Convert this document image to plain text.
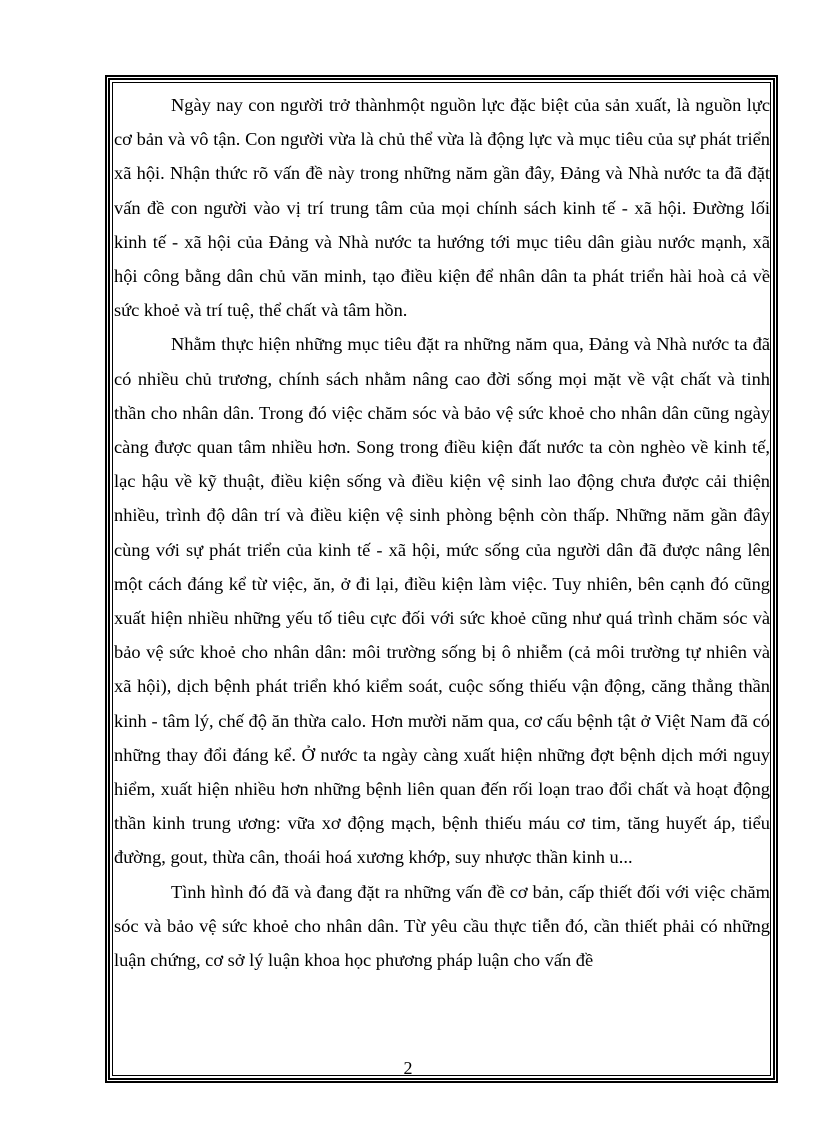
Ngày nay con người trở thànhmột nguồn lực đặc biệt của sản xuất, là nguồn lực cơ bản và vô tận. Con người vừa là chủ thể vừa là động lực và mục tiêu của sự phát triển xã hội. Nhận thức rõ vấn đề này trong những năm gần đây, Đảng và Nhà nước ta đã đặt vấn đề con người vào vị trí trung tâm của mọi chính sách kinh tế - xã hội. Đường lối kinh tế - xã hội của Đảng và Nhà nước ta hướng tới mục tiêu dân giàu nước mạnh, xã hội công bằng dân chủ văn minh, tạo điều kiện để nhân dân ta phát triển hài hoà cả về sức khoẻ và trí tuệ, thể chất và tâm hồn.

Nhằm thực hiện những mục tiêu đặt ra những năm qua, Đảng và Nhà nước ta đã có nhiều chủ trương, chính sách nhằm nâng cao đời sống mọi mặt về vật chất và tinh thần cho nhân dân. Trong đó việc chăm sóc và bảo vệ sức khoẻ cho nhân dân cũng ngày càng được quan tâm nhiều hơn. Song trong điều kiện đất nước ta còn nghèo về kinh tế, lạc hậu về kỹ thuật, điều kiện sống và điều kiện vệ sinh lao động chưa được cải thiện nhiều, trình độ dân trí và điều kiện vệ sinh phòng bệnh còn thấp. Những năm gần đây cùng với sự phát triển của kinh tế - xã hội, mức sống của người dân đã được nâng lên một cách đáng kể từ việc, ăn, ở đi lại, điều kiện làm việc. Tuy nhiên, bên cạnh đó cũng xuất hiện nhiều những yếu tố tiêu cực đối với sức khoẻ cũng như quá trình chăm sóc và bảo vệ sức khoẻ cho nhân dân: môi trường sống bị ô nhiễm (cả môi trường tự nhiên và xã hội), dịch bệnh phát triển khó kiểm soát, cuộc sống thiếu vận động, căng thẳng thần kinh - tâm lý, chế độ ăn thừa calo. Hơn mười năm qua, cơ cấu bệnh tật ở Việt Nam đã có những thay đổi đáng kể. Ở nước ta ngày càng xuất hiện những đợt bệnh dịch mới nguy hiểm, xuất hiện nhiều hơn những bệnh liên quan đến rối loạn trao đổi chất và hoạt động thần kinh trung ương: vữa xơ động mạch, bệnh thiếu máu cơ tim, tăng huyết áp, tiểu đường, gout, thừa cân, thoái hoá xương khớp, suy nhược thần kinh u...

Tình hình đó đã và đang đặt ra những vấn đề cơ bản, cấp thiết đối với việc chăm sóc và bảo vệ sức khoẻ cho nhân dân. Từ yêu cầu thực tiễn đó, cần thiết phải có những luận chứng, cơ sở lý luận khoa học phương pháp luận cho vấn đề

2
